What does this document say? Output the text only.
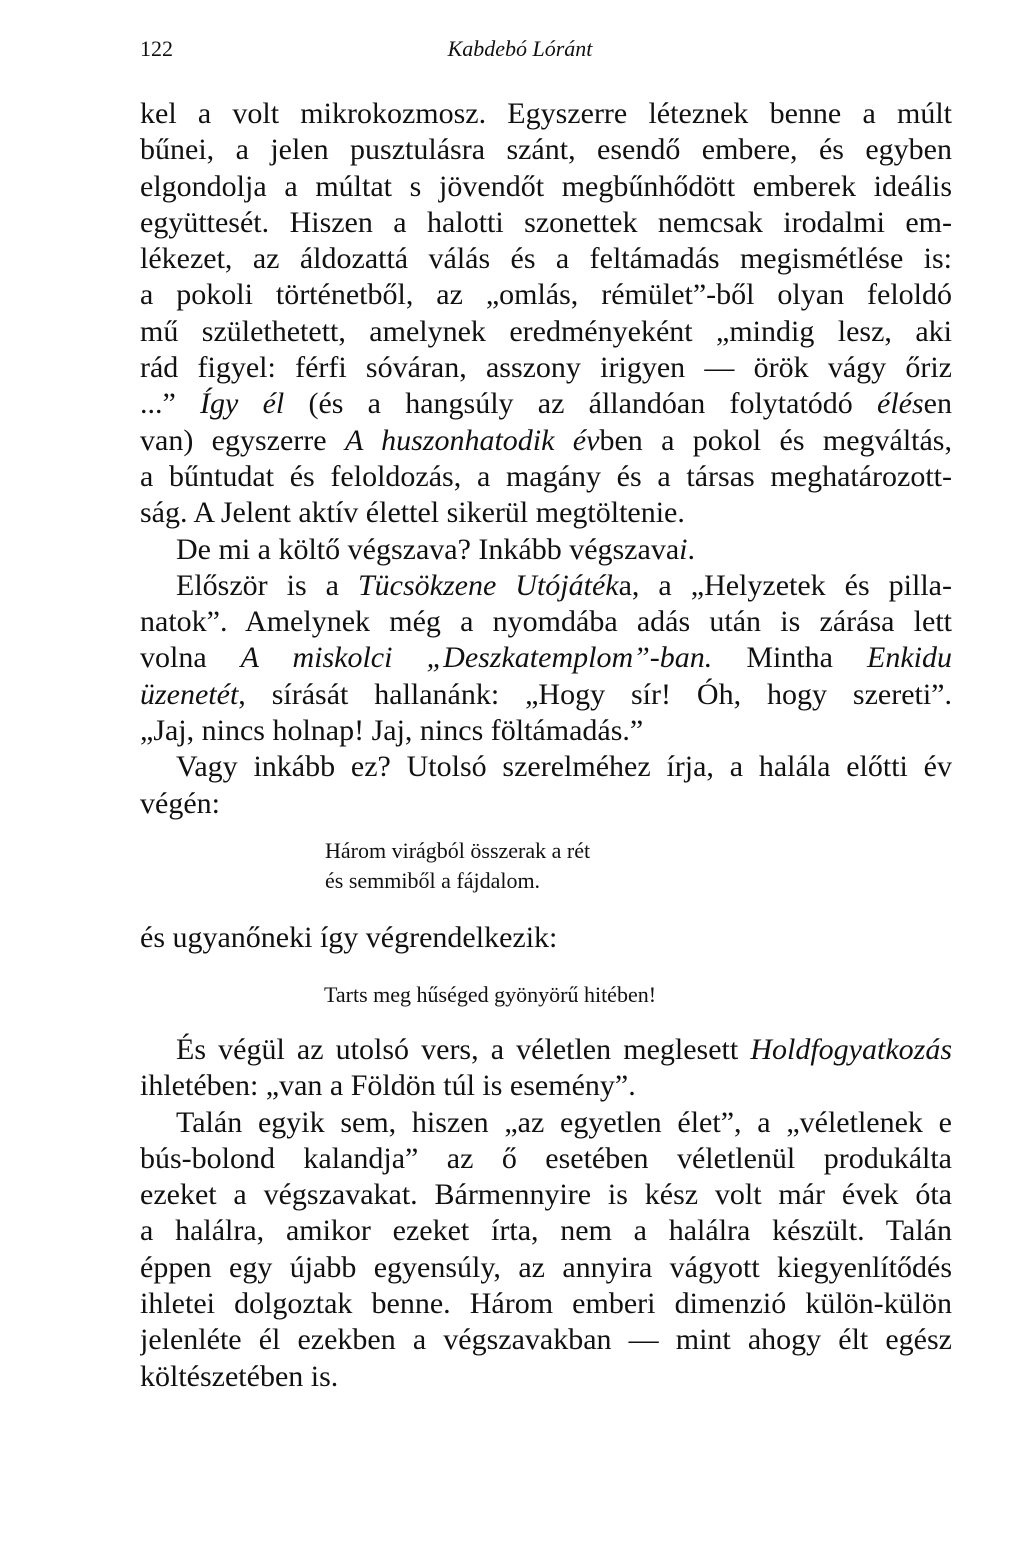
122	Kabdebó Lóránt
kel a volt mikrokozmosz. Egyszerre léteznek benne a múlt
bűnei, a jelen pusztulásra szánt, esendő embere, és egyben
elgondolja a múltat s jövendőt megbűnhődött emberek ideális
együttesét. Hiszen a halotti szonettek nemcsak irodalmi em-
lékezet, az áldozattá válás és a feltámadás megismétlése is:
a pokoli történetből, az „omlás, rémület”-ből olyan feloldó
mű születhetett, amelynek eredményeként „mindig lesz, aki
rád figyel: férfi sóváran, asszony irigyen — örök vágy őriz
...” Így él (és a hangsúly az állandóan folytatódó élésen
van) egyszerre A huszonhatodik évben a pokol és megváltás,
a bűntudat és feloldozás, a magány és a társas meghatározott-
ság. A Jelent aktív élettel sikerül megtöltenie.
De mi a költő végszava? Inkább végszavai.
Először is a Tücsökzene Utójátéka, a „Helyzetek és pilla-
natok”. Amelynek még a nyomdába adás után is zárása lett
volna A miskolci „Deszkatemplom”-ban. Mintha Enkidu
üzenetét, sírását hallanánk: „Hogy sír! Óh, hogy szereti”.
„Jaj, nincs holnap! Jaj, nincs föltámadás.”
Vagy inkább ez? Utolsó szerelméhez írja, a halála előtti év
végén:
Három virágból összerak a rét
és semmiből a fájdalom.
és ugyanőneki így végrendelkezik:
Tarts meg hűséged gyönyörű hitében!
És végül az utolsó vers, a véletlen meglesett Holdfogyatkozás
ihletében: „van a Földön túl is esemény”.
Talán egyik sem, hiszen „az egyetlen élet”, a „véletlenek e
bús-bolond kalandja” az ő esetében véletlenül produkálta
ezeket a végszavakat. Bármennyire is kész volt már évek óta
a halálra, amikor ezeket írta, nem a halálra készült. Talán
éppen egy újabb egyensúly, az annyira vágyott kiegyenlítődés
ihletei dolgoztak benne. Három emberi dimenzió külön-külön
jelenléte él ezekben a végszavakban — mint ahogy élt egész
költészetében is.
